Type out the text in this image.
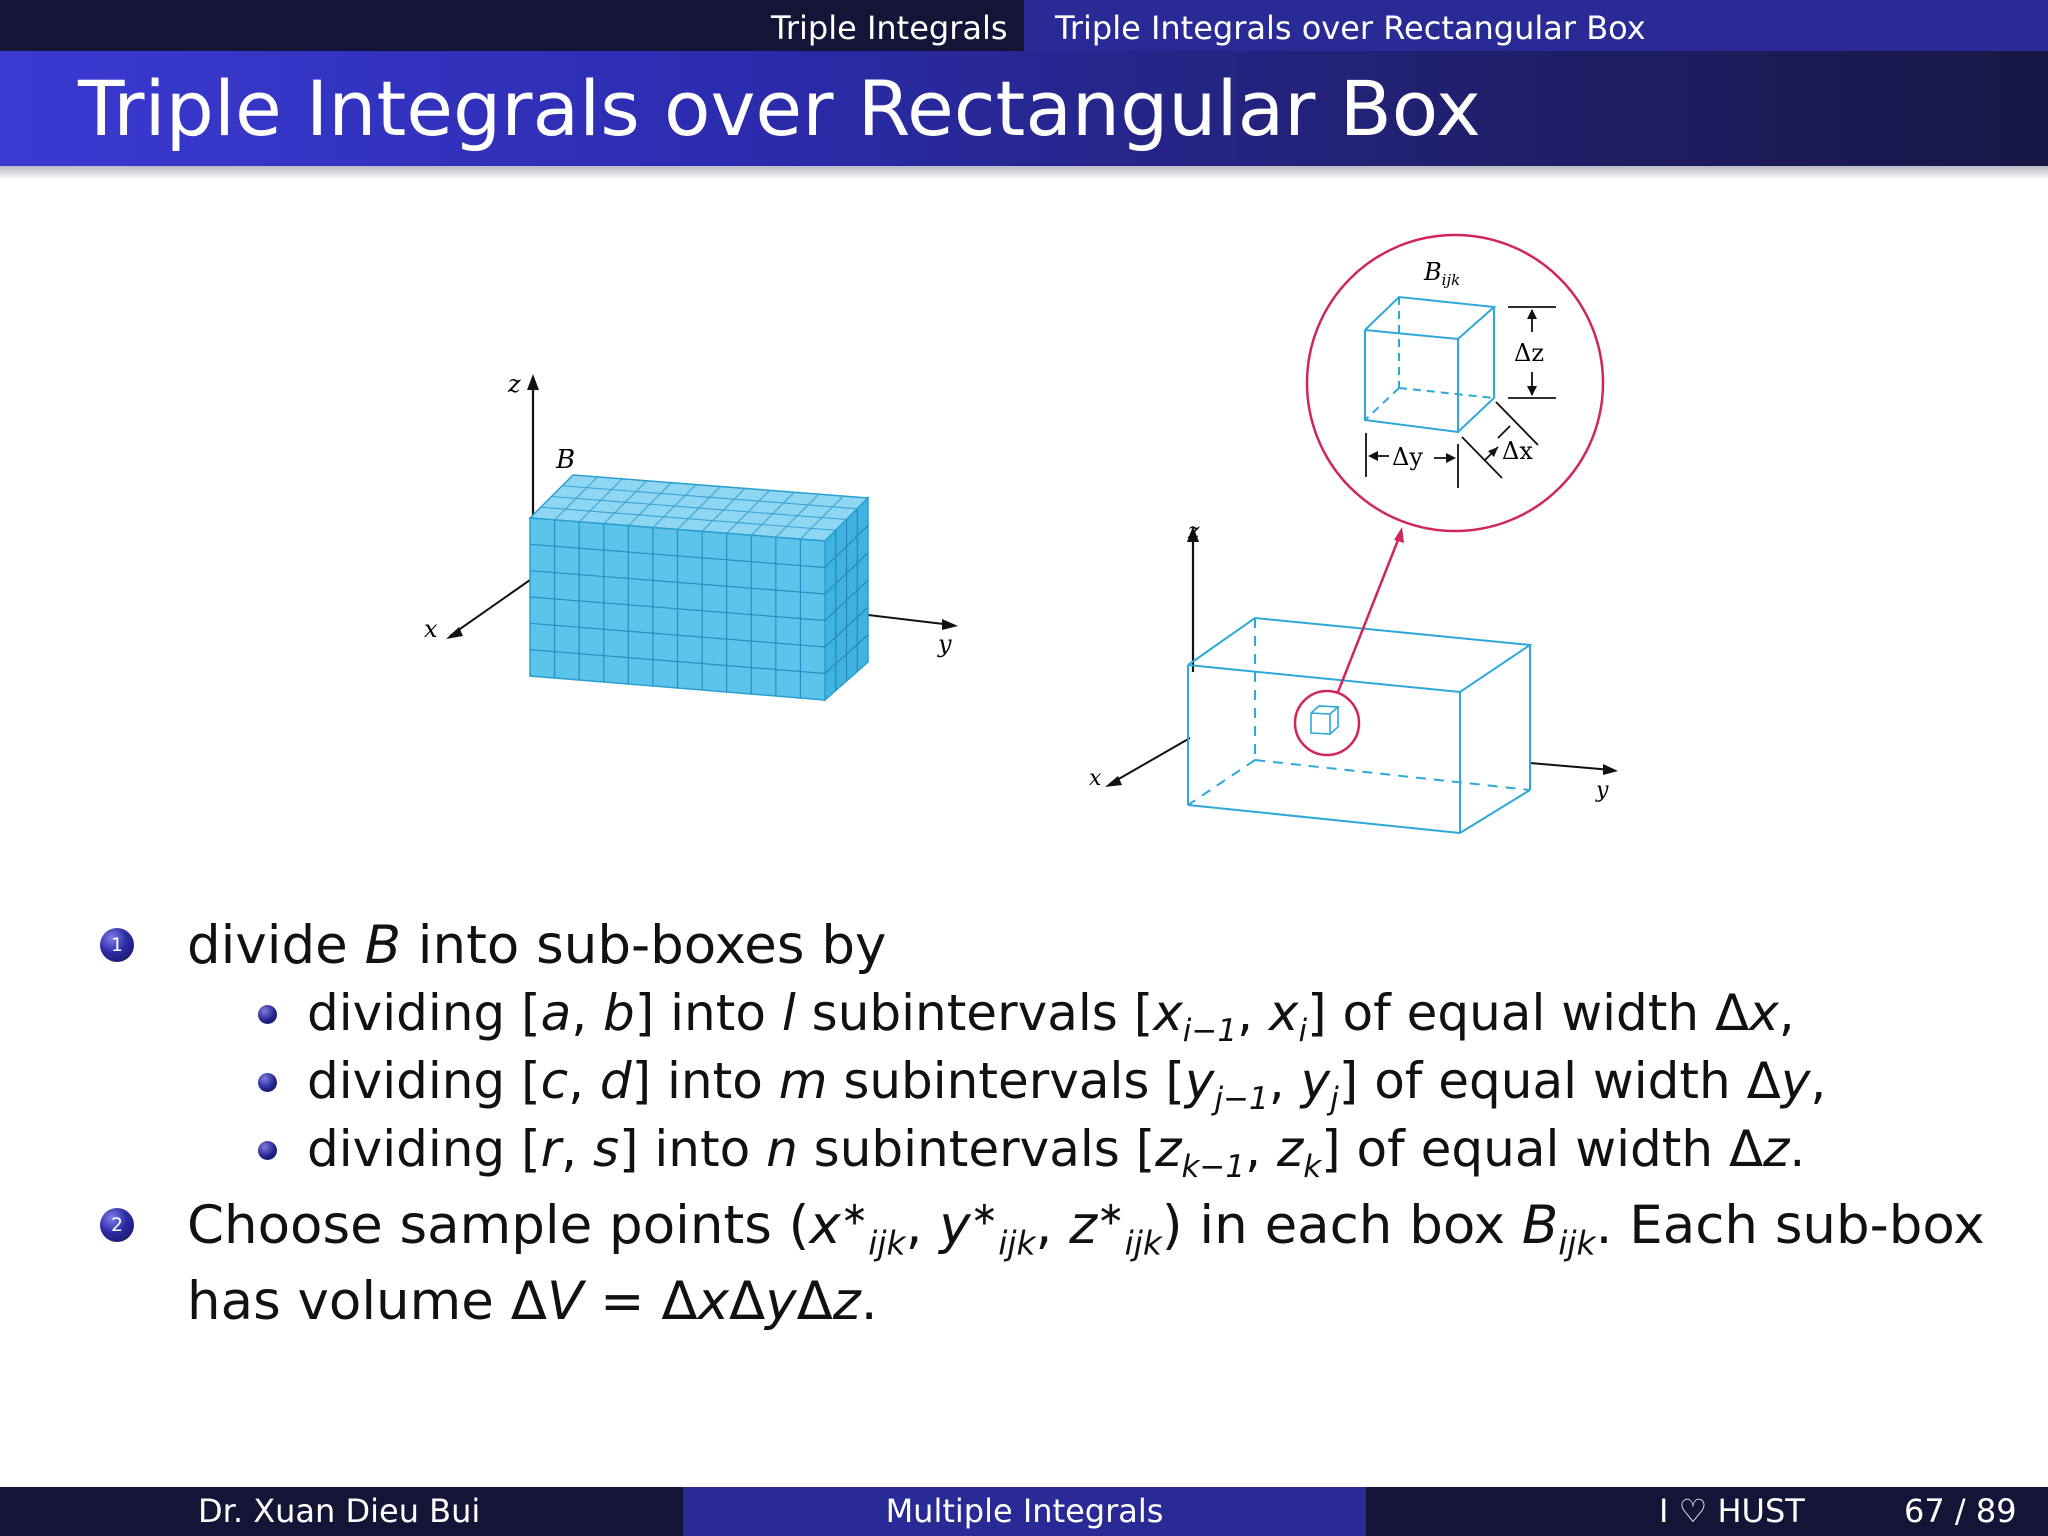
Triple Integrals Triple Integrals over Rectangular Box
Triple Integrals over Rectangular Box
z
B
x
y
z
x	y
$B_{ijk}$
Δz
Δy	Δx
1 divide B into sub-boxes by
dividing [a, b] into l subintervals [$x_{i-1}$, $x_i$] of equal width Δx,
dividing [c, d] into m subintervals [$y_{j-1}$, $y_j$] of equal width Δy,
dividing [r, s] into n subintervals [$z_{k-1}$, $z_k$] of equal width Δz.
2 Choose sample points ($x^∗_{ijk}$, $y^∗_{ijk}$, $z^∗_{ijk}$) in each box $B_{ijk}$. Each sub-box
has volume ΔV = ΔxΔyΔz.
Dr. Xuan Dieu Bui	Multiple Integrals	I ♡ HUST	67 / 89
